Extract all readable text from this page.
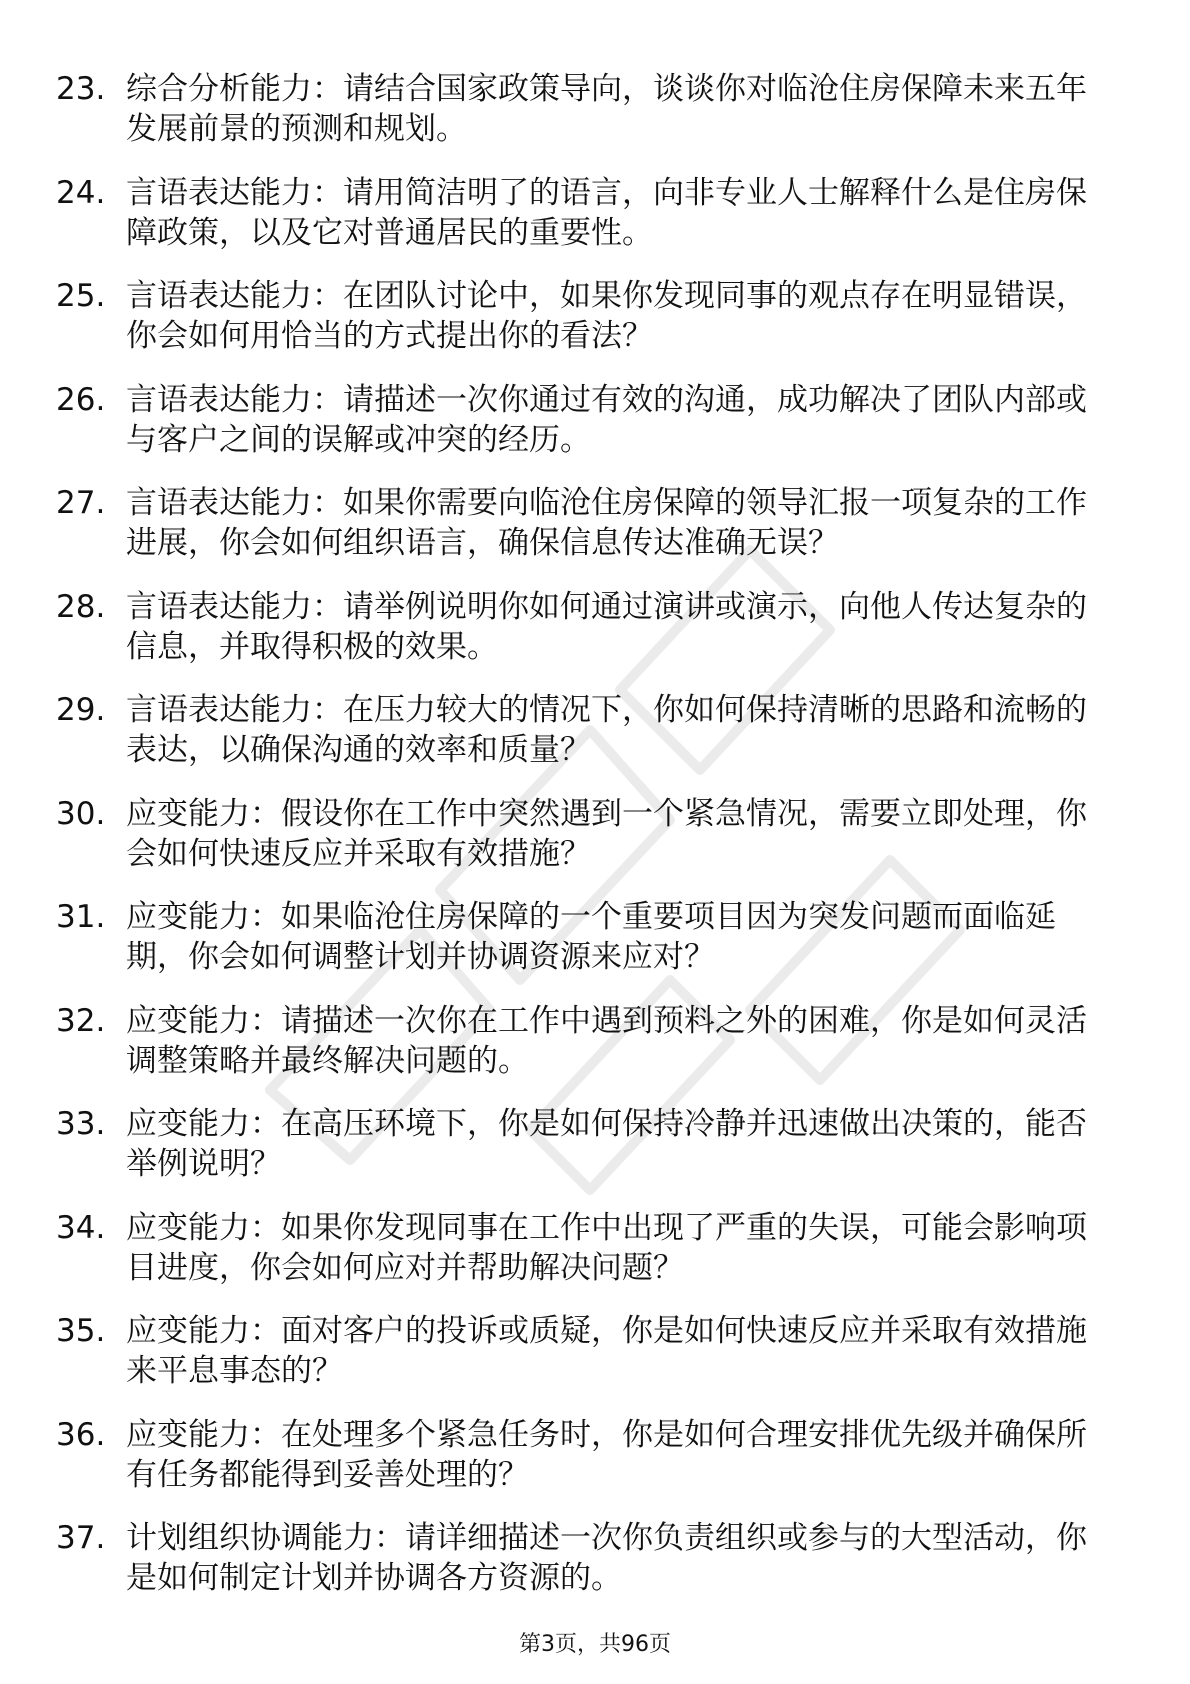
23. 综合分析能力：请结合国家政策导向，谈谈你对临沧住房保障未来五年发展前景的预测和规划。
24. 言语表达能力：请用简洁明了的语言，向非专业人士解释什么是住房保障政策，以及它对普通居民的重要性。
25. 言语表达能力：在团队讨论中，如果你发现同事的观点存在明显错误，你会如何用恰当的方式提出你的看法？
26. 言语表达能力：请描述一次你通过有效的沟通，成功解决了团队内部或与客户之间的误解或冲突的经历。
27. 言语表达能力：如果你需要向临沧住房保障的领导汇报一项复杂的工作进展，你会如何组织语言，确保信息传达准确无误？
28. 言语表达能力：请举例说明你如何通过演讲或演示，向他人传达复杂的信息，并取得积极的效果。
29. 言语表达能力：在压力较大的情况下，你如何保持清晰的思路和流畅的表达，以确保沟通的效率和质量？
30. 应变能力：假设你在工作中突然遇到一个紧急情况，需要立即处理，你会如何快速反应并采取有效措施？
31. 应变能力：如果临沧住房保障的一个重要项目因为突发问题而面临延期，你会如何调整计划并协调资源来应对？
32. 应变能力：请描述一次你在工作中遇到预料之外的困难，你是如何灵活调整策略并最终解决问题的。
33. 应变能力：在高压环境下，你是如何保持冷静并迅速做出决策的，能否举例说明？
34. 应变能力：如果你发现同事在工作中出现了严重的失误，可能会影响项目进度，你会如何应对并帮助解决问题？
35. 应变能力：面对客户的投诉或质疑，你是如何快速反应并采取有效措施来平息事态的？
36. 应变能力：在处理多个紧急任务时，你是如何合理安排优先级并确保所有任务都能得到妥善处理的？
37. 计划组织协调能力：请详细描述一次你负责组织或参与的大型活动，你是如何制定计划并协调各方资源的。
第3页，共96页
